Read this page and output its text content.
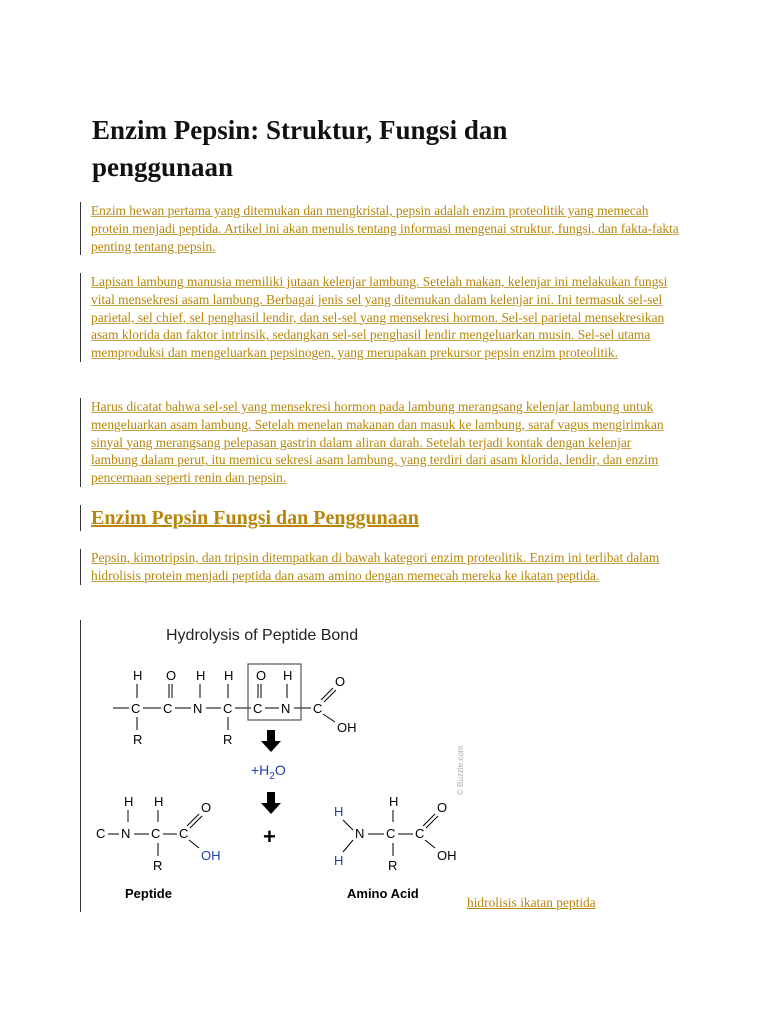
Enzim Pepsin: Struktur, Fungsi dan penggunaan

Enzim hewan pertama yang ditemukan dan mengkristal, pepsin adalah enzim proteolitik yang memecah protein menjadi peptida. Artikel ini akan menulis tentang informasi mengenai struktur, fungsi, dan fakta-fakta penting tentang pepsin.

Lapisan lambung manusia memiliki jutaan kelenjar lambung. Setelah makan, kelenjar ini melakukan fungsi vital mensekresi asam lambung. Berbagai jenis sel yang ditemukan dalam kelenjar ini. Ini termasuk sel-sel parietal, sel chief, sel penghasil lendir, dan sel-sel yang mensekresi hormon. Sel-sel parietal mensekresikan asam klorida dan faktor intrinsik, sedangkan sel-sel penghasil lendir mengeluarkan musin. Sel-sel utama memproduksi dan mengeluarkan pepsinogen, yang merupakan prekursor pepsin enzim proteolitik.

Harus dicatat bahwa sel-sel yang mensekresi hormon pada lambung merangsang kelenjar lambung untuk mengeluarkan asam lambung. Setelah menelan makanan dan masuk ke lambung, saraf vagus mengirimkan sinyal yang merangsang pelepasan gastrin dalam aliran darah. Setelah terjadi kontak dengan kelenjar lambung dalam perut, itu memicu sekresi asam lambung, yang terdiri dari asam klorida, lendir, dan enzim pencernaan seperti renin dan pepsin.

Enzim Pepsin Fungsi dan Penggunaan

Pepsin, kimotripsin, dan tripsin ditempatkan di bawah kategori enzim proteolitik. Enzim ini terlibat dalam hidrolisis protein menjadi peptida dan asam amino dengan memecah mereka ke ikatan peptida.

Hydrolysis of Peptide Bond
H O H H O H
C C N C C N C
O
OH
R	R
© Buzzle.com
$+H_2O$
+
H H
C N C C
O
OH
R
Peptide
H
H
N C C
O
OH
H	R
Amino Acid
hidrolisis ikatan peptida
